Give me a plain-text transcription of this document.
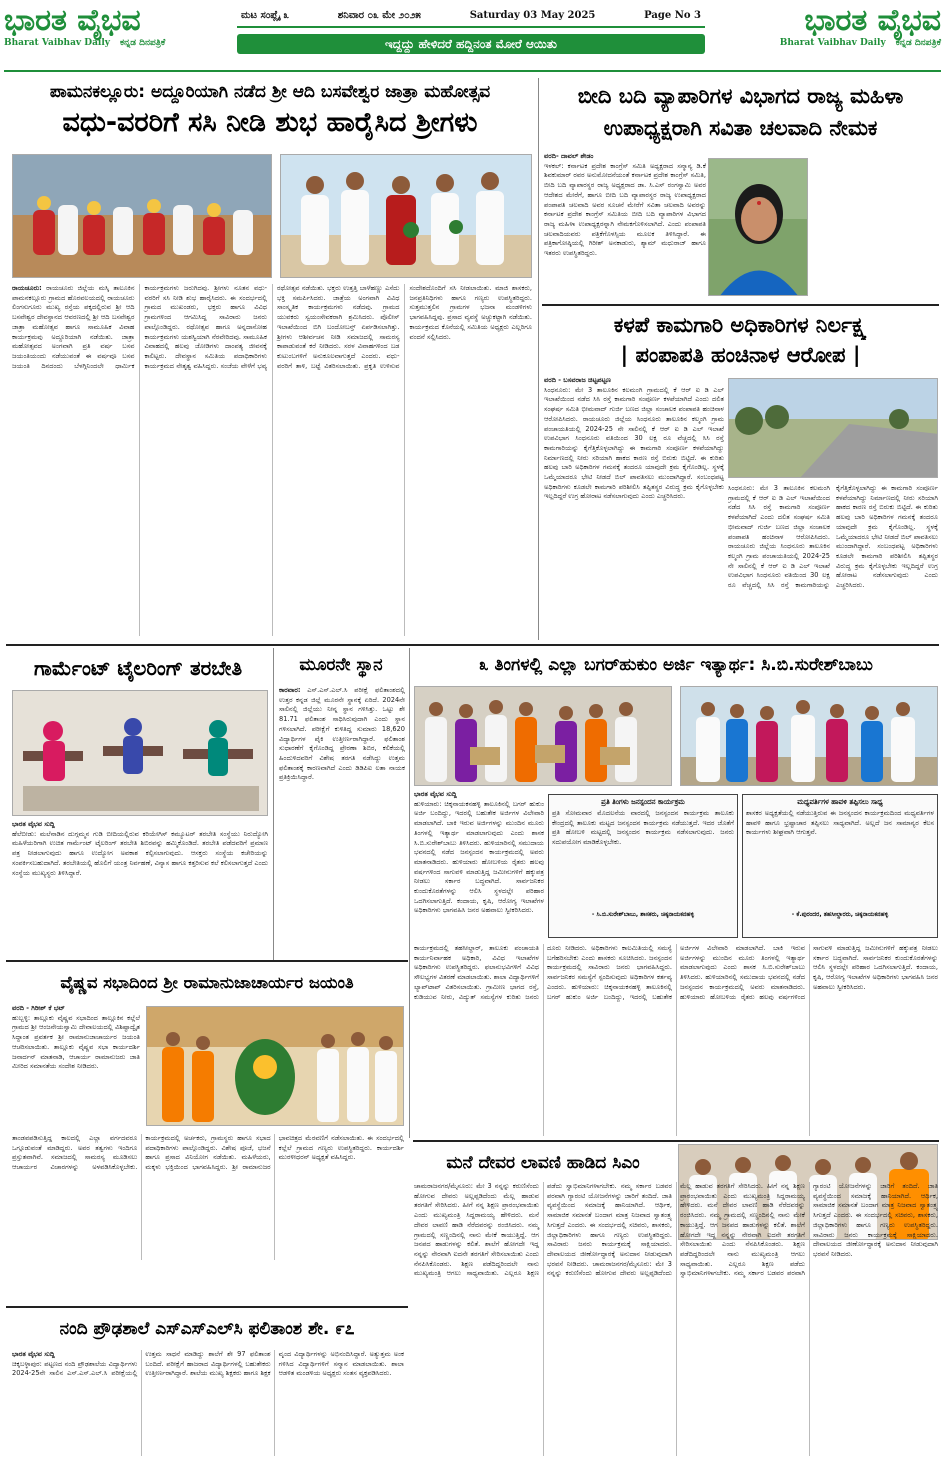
ಭಾರತ ವೈಭವ
Bharat Vaibhav Daily ಕನ್ನಡ ದಿನಪತ್ರಿಕೆ
ಮಟ ಸಂಪ್ಲೈ ೩	ಶನಿವಾರ ೦೩ ಮೇ ೨೦೨೫	Saturday 03 May 2025	Page No 3
ಇದ್ದದ್ದು ಹೇಳಿದರೆ ಹದ್ದಿನಂತ ಮೋರೆ ಆಯಿತು
ಭಾರತ ವೈಭವ
Bharat Vaibhav Daily ಕನ್ನಡ ದಿನಪತ್ರಿಕೆ
ಪಾಮನಕಲ್ಲೂರು: ಅದ್ದೂರಿಯಾಗಿ ನಡೆದ ಶ್ರೀ ಆದಿ ಬಸವೇಶ್ವರ ಜಾತ್ರಾ ಮಹೋತ್ಸವ
ವಧು-ವರರಿಗೆ ಸಸಿ ನೀಡಿ ಶುಭ ಹಾರೈಸಿದ ಶ್ರೀಗಳು
ರಾಯಚೂರು: ರಾಯಚೂರು ಜಿಲ್ಲೆಯ ಮಸ್ಕಿ ತಾಲೂಕಿನ ಪಾಮನಕಲ್ಲೂರು ಗ್ರಾಮದ ಹೊರವಲಯದಲ್ಲಿ ರಾಯಚೂರು ಲಿಂಗಸುಗೂರು ಮುಖ್ಯ ರಸ್ತೆಯ ಪಕ್ಕದಲ್ಲಿರುವ ಶ್ರೀ ಆದಿ ಬಸವೇಶ್ವರ ದೇವಸ್ಥಾನದ ಆವರಣದಲ್ಲಿ ಶ್ರೀ ಆದಿ ಬಸವೇಶ್ವರ ಜಾತ್ರಾ ಮಹೋತ್ಸವ ಹಾಗೂ ಸಾಮೂಹಿಕ ವಿವಾಹ ಕಾರ್ಯಕ್ರಮವು ಅದ್ದೂರಿಯಾಗಿ ನಡೆಯಿತು. ಜಾತ್ರಾ ಮಹೋತ್ಸವದ ಅಂಗವಾಗಿ ಪ್ರತಿ ವರ್ಷ ಬಸವ ಜಯಂತಿಯಂದು ನಡೆಯುವಂತೆ ಈ ವರ್ಷವೂ ಬಸವ ಜಯಂತಿ ದಿನದಂದು ಬೆಳಗ್ಗಿನಿಂದಲೇ ಧಾರ್ಮಿಕ ಕಾರ್ಯಕ್ರಮಗಳು ಜರುಗಿದವು. ಶ್ರೀಗಳು ನೂತನ ವಧು-ವರರಿಗೆ ಸಸಿ ನೀಡಿ ಶುಭ ಹಾರೈಸಿದರು. ಈ ಸಂದರ್ಭದಲ್ಲಿ ಗ್ರಾಮದ ಮುಖಂಡರು, ಭಕ್ತರು ಹಾಗೂ ವಿವಿಧ ಗ್ರಾಮಗಳಿಂದ ಆಗಮಿಸಿದ್ದ ಸಾವಿರಾರು ಜನರು ಪಾಲ್ಗೊಂಡಿದ್ದರು. ರಥೋತ್ಸವ ಹಾಗೂ ಅನ್ನದಾಸೋಹ ಕಾರ್ಯಕ್ರಮಗಳು ಯಶಸ್ವಿಯಾಗಿ ನೆರವೇರಿದವು. ಸಾಮೂಹಿಕ ವಿವಾಹದಲ್ಲಿ ಹಲವು ಜೋಡಿಗಳು ದಾಂಪತ್ಯ ಜೀವನಕ್ಕೆ ಕಾಲಿಟ್ಟರು. ದೇವಸ್ಥಾನ ಸಮಿತಿಯ ಪದಾಧಿಕಾರಿಗಳು ಕಾರ್ಯಕ್ರಮದ ನೇತೃತ್ವ ವಹಿಸಿದ್ದರು. ಸಂಜೆಯ ವೇಳೆಗೆ ಭವ್ಯ ರಥೋತ್ಸವ ನಡೆಯಿತು. ಭಕ್ತರು ಉತ್ತತ್ತಿ ಬಾಳೆಹಣ್ಣು ಎಸೆದು ಭಕ್ತಿ ಸಮರ್ಪಿಸಿದರು. ಜಾತ್ರೆಯ ಅಂಗವಾಗಿ ವಿವಿಧ ಸಾಂಸ್ಕೃತಿಕ ಕಾರ್ಯಕ್ರಮಗಳು ನಡೆದವು. ಗ್ರಾಮದ ಯುವಕರು ಸ್ವಯಂಸೇವಕರಾಗಿ ಶ್ರಮಿಸಿದರು. ಪೊಲೀಸ್ ಇಲಾಖೆಯಿಂದ ಬಿಗಿ ಬಂದೋಬಸ್ತ್ ಏರ್ಪಡಿಸಲಾಗಿತ್ತು. ಶ್ರೀಗಳು ಆಶೀರ್ವಚನ ನೀಡಿ ಸಮಾಜದಲ್ಲಿ ಸಾಮರಸ್ಯ ಕಾಪಾಡುವಂತೆ ಕರೆ ನೀಡಿದರು. ಸರಳ ವಿವಾಹಗಳಿಂದ ಬಡ ಕುಟುಂಬಗಳಿಗೆ ಅನುಕೂಲವಾಗುತ್ತದೆ ಎಂದರು. ವಧು-ವರರಿಗೆ ತಾಳಿ, ಬಟ್ಟೆ ವಿತರಿಸಲಾಯಿತು. ಪ್ರಕೃತಿ ಉಳಿಸುವ ಸಂದೇಶದೊಂದಿಗೆ ಸಸಿ ನೀಡಲಾಯಿತು. ಮಾಜಿ ಶಾಸಕರು, ಜನಪ್ರತಿನಿಧಿಗಳು ಹಾಗೂ ಗಣ್ಯರು ಉಪಸ್ಥಿತರಿದ್ದರು. ಸುತ್ತಮುತ್ತಲಿನ ಗ್ರಾಮಗಳ ಭಜನಾ ಮಂಡಳಿಗಳು ಭಾಗವಹಿಸಿದ್ದವು. ಪ್ರಸಾದ ವ್ಯವಸ್ಥೆ ಅಚ್ಚುಕಟ್ಟಾಗಿ ನಡೆಯಿತು. ಕಾರ್ಯಕ್ರಮದ ಕೊನೆಯಲ್ಲಿ ಸಮಿತಿಯ ಅಧ್ಯಕ್ಷರು ಎಲ್ಲರಿಗೂ ವಂದನೆ ಸಲ್ಲಿಸಿದರು.
ಬೀದಿ ಬದಿ ವ್ಯಾಪಾರಿಗಳ ವಿಭಾಗದ ರಾಜ್ಯ ಮಹಿಳಾ
ಉಪಾಧ್ಯಕ್ಷರಾಗಿ ಸವಿತಾ ಚಲವಾದಿ ನೇಮಕ
ವರದಿ- ದಾವಲ್ ಶೇಡಂ
ಇಳಕಲ್: ಕರ್ನಾಟಕ ಪ್ರದೇಶ ಕಾಂಗ್ರೆಸ್ ಸಮಿತಿ ಅಧ್ಯಕ್ಷರಾದ ಸನ್ಮಾನ್ಯ ಡಿ.ಕೆ ಶಿವಕುಮಾರ್ ರವರ ಅನುಮೋದನೆಯಂತೆ ಕರ್ನಾಟಕ ಪ್ರದೇಶ ಕಾಂಗ್ರೆಸ್ ಸಮಿತಿ, ಬೀದಿ ಬದಿ ವ್ಯಾಪಾರಸ್ಥರ ರಾಜ್ಯ ಅಧ್ಯಕ್ಷರಾದ ಡಾ. ಸಿ.ಎಸ್ ರಂಗಸ್ವಾಮಿ ಅವರ ಆದೇಶದ ಮೇರೆಗೆ, ಹಾಗೂ ಬೀದಿ ಬದಿ ವ್ಯಾಪಾರಸ್ಥರ ರಾಜ್ಯ ಉಪಾಧ್ಯಕ್ಷರಾದ ಪಂಪಾಪತಿ ಚಲವಾದಿ ಅವರ ಸೂಚನೆ ಮೇರೆಗೆ ಸವಿತಾ ಚಲವಾದಿ ಅವರನ್ನು ಕರ್ನಾಟಕ ಪ್ರದೇಶ ಕಾಂಗ್ರೆಸ್ ಸಮಿತಿಯ ಬೀದಿ ಬದಿ ವ್ಯಾಪಾರಿಗಳ ವಿಭಾಗದ ರಾಜ್ಯ ಮಹಿಳಾ ಉಪಾಧ್ಯಕ್ಷರನ್ನಾಗಿ ನೇಮಕಗೊಳಿಸಲಾಗಿದೆ. ಎಂದು ಪಂಪಾಪತಿ ಚಲವಾದಿಯವರು ಪತ್ರಿಕೆಗೊಳಸ್ಸಿಯ ಮೂಲಕ ತಿಳಿಸಿದ್ದಾರೆ. ಈ ಪತ್ರಿಕಾಗೋಷ್ಠಿಯಲ್ಲಿ ಗಿರೀಶ್ ಅನಕಾಡುರು, ಶ್ಯಾಮ್ ಮಧುರಾಜ್ ಹಾಗೂ ಇತರರು ಉಪಸ್ಥಿತರಿದ್ದರು.
ಕಳಪೆ ಕಾಮಗಾರಿ ಅಧಿಕಾರಿಗಳ ನಿರ್ಲಕ್ಷ್ಯ
| ಪಂಪಾಪತಿ ಹಂಚಿನಾಳ ಆರೋಪ |
ವರದಿ - ಬಸವರಾಜ ಚಿಟ್ಟಪಟ್ಟಣ
ಸಿಂಧನೂರು: ಮೇ 3 ತಾಲೂಕಿನ ಕಲಮಂಗಿ ಗ್ರಾಮದಲ್ಲಿ ಕೆ ಆರ್ ಐ ಡಿ ಎಲ್ ಇಲಾಖೆಯಿಂದ ನಡೆದ ಸಿಸಿ ರಸ್ತೆ ಕಾಮಗಾರಿ ಸಂಪೂರ್ಣ ಕಳಪೆಯಾಗಿದೆ ಎಂದು ದಲಿತ ಸಂಘರ್ಷ ಸಮಿತಿ ಭೀಮವಾದ್ ಗುರ್ಜಿ ಬಣದ ಜಿಲ್ಲಾ ಸಂಚಾಲಕ ಪಂಪಾಪತಿ ಹಂಚಿನಾಳ ಆರೋಪಿಸಿದರು. ರಾಯಚೂರು ಜಿಲ್ಲೆಯ ಸಿಂಧನೂರು ತಾಲೂಕಿನ ಕಲ್ಮಂಗಿ ಗ್ರಾಮ ಪಂಚಾಯತಿಯಲ್ಲಿ 2024-25 ನೇ ಸಾಲಿನಲ್ಲಿ ಕೆ ಆರ್ ಐ ಡಿ ಎಲ್ ಇಲಾಖೆ ಉಪವಿಭಾಗ ಸಿಂಧನೂರು ವತಿಯಿಂದ 30 ಲಕ್ಷ ರೂ ವೆಚ್ಚದಲ್ಲಿ ಸಿಸಿ ರಸ್ತೆ ಕಾಮಗಾರಿಯನ್ನು ಕೈಗೆತ್ತಿಕೊಳ್ಳಲಾಗಿದ್ದು ಈ ಕಾಮಗಾರಿ ಸಂಪೂರ್ಣ ಕಳಪೆಯಾಗಿದ್ದು ನಿರ್ಮಾಣದಲ್ಲಿ ನೀರು ಸರಿಯಾಗಿ ಹಾಕದ ಕಾರಣ ರಸ್ತೆ ಬಿರುಕು ಬಿಟ್ಟಿದೆ. ಈ ಕುರಿತು ಹಲವು ಬಾರಿ ಅಧಿಕಾರಿಗಳ ಗಮನಕ್ಕೆ ತಂದರೂ ಯಾವುದೇ ಕ್ರಮ ಕೈಗೊಂಡಿಲ್ಲ. ಸ್ಥಳಕ್ಕೆ ಒಮ್ಮೆಯಾದರೂ ಭೇಟಿ ನೀಡದೆ ಬಿಲ್ ಪಾವತಿಸಲು ಮುಂದಾಗಿದ್ದಾರೆ. ಸಂಬಂಧಪಟ್ಟ ಅಧಿಕಾರಿಗಳು ಕೂಡಲೇ ಕಾಮಗಾರಿ ಪರಿಶೀಲಿಸಿ ತಪ್ಪಿತಸ್ಥರ ವಿರುದ್ಧ ಕ್ರಮ ಕೈಗೊಳ್ಳಬೇಕು ಇಲ್ಲದಿದ್ದರೆ ಉಗ್ರ ಹೋರಾಟ ನಡೆಸಲಾಗುವುದು ಎಂದು ಎಚ್ಚರಿಸಿದರು.
ಸಿಂಧನೂರು: ಮೇ 3 ತಾಲೂಕಿನ ಕಲಮಂಗಿ ಗ್ರಾಮದಲ್ಲಿ ಕೆ ಆರ್ ಐ ಡಿ ಎಲ್ ಇಲಾಖೆಯಿಂದ ನಡೆದ ಸಿಸಿ ರಸ್ತೆ ಕಾಮಗಾರಿ ಸಂಪೂರ್ಣ ಕಳಪೆಯಾಗಿದೆ ಎಂದು ದಲಿತ ಸಂಘರ್ಷ ಸಮಿತಿ ಭೀಮವಾದ್ ಗುರ್ಜಿ ಬಣದ ಜಿಲ್ಲಾ ಸಂಚಾಲಕ ಪಂಪಾಪತಿ ಹಂಚಿನಾಳ ಆರೋಪಿಸಿದರು. ರಾಯಚೂರು ಜಿಲ್ಲೆಯ ಸಿಂಧನೂರು ತಾಲೂಕಿನ ಕಲ್ಮಂಗಿ ಗ್ರಾಮ ಪಂಚಾಯತಿಯಲ್ಲಿ 2024-25 ನೇ ಸಾಲಿನಲ್ಲಿ ಕೆ ಆರ್ ಐ ಡಿ ಎಲ್ ಇಲಾಖೆ ಉಪವಿಭಾಗ ಸಿಂಧನೂರು ವತಿಯಿಂದ 30 ಲಕ್ಷ ರೂ ವೆಚ್ಚದಲ್ಲಿ ಸಿಸಿ ರಸ್ತೆ ಕಾಮಗಾರಿಯನ್ನು ಕೈಗೆತ್ತಿಕೊಳ್ಳಲಾಗಿದ್ದು ಈ ಕಾಮಗಾರಿ ಸಂಪೂರ್ಣ ಕಳಪೆಯಾಗಿದ್ದು ನಿರ್ಮಾಣದಲ್ಲಿ ನೀರು ಸರಿಯಾಗಿ ಹಾಕದ ಕಾರಣ ರಸ್ತೆ ಬಿರುಕು ಬಿಟ್ಟಿದೆ. ಈ ಕುರಿತು ಹಲವು ಬಾರಿ ಅಧಿಕಾರಿಗಳ ಗಮನಕ್ಕೆ ತಂದರೂ ಯಾವುದೇ ಕ್ರಮ ಕೈಗೊಂಡಿಲ್ಲ. ಸ್ಥಳಕ್ಕೆ ಒಮ್ಮೆಯಾದರೂ ಭೇಟಿ ನೀಡದೆ ಬಿಲ್ ಪಾವತಿಸಲು ಮುಂದಾಗಿದ್ದಾರೆ. ಸಂಬಂಧಪಟ್ಟ ಅಧಿಕಾರಿಗಳು ಕೂಡಲೇ ಕಾಮಗಾರಿ ಪರಿಶೀಲಿಸಿ ತಪ್ಪಿತಸ್ಥರ ವಿರುದ್ಧ ಕ್ರಮ ಕೈಗೊಳ್ಳಬೇಕು ಇಲ್ಲದಿದ್ದರೆ ಉಗ್ರ ಹೋರಾಟ ನಡೆಸಲಾಗುವುದು ಎಂದು ಎಚ್ಚರಿಸಿದರು.
ಗಾರ್ಮೆಂಟ್ ಟೈಲರಿಂಗ್ ತರಬೇತಿ
ಭಾರತ ವೈಭವ ಸುದ್ದಿ
ಹೆಲೆಬೀಡು: ಮಲೆನಾಡಿನ ದುಗ್ಗಮ್ಮನ ಗುಡಿ ಬೀದಿಯಲ್ಲಿರುವ ಕರಿಯೇಗಿಸ್ ಕಮ್ಯೂಟರ್ ತರಬೇತಿ ಸಂಸ್ಥೆಯು ನಿರುದ್ಯೋಗಿ ಮಹಿಳೆಯರಿಗಾಗಿ ಉಚಿತ ಗಾರ್ಮೆಂಟ್ ಟೈಲರಿಂಗ್ ತರಬೇತಿ ಶಿಬಿರವನ್ನು ಹಮ್ಮಿಕೊಂಡಿದೆ. ತರಬೇತಿ ಪಡೆದವರಿಗೆ ಪ್ರಮಾಣ ಪತ್ರ ನೀಡಲಾಗುವುದು ಹಾಗೂ ಉದ್ಯೋಗ ಅವಕಾಶ ಕಲ್ಪಿಸಲಾಗುವುದು. ಆಸಕ್ತರು ಸಂಸ್ಥೆಯ ಕಚೇರಿಯನ್ನು ಸಂಪರ್ಕಿಸಬಹುದಾಗಿದೆ. ತರಬೇತಿಯಲ್ಲಿ ಹೊಲಿಗೆ ಯಂತ್ರ ನಿರ್ವಹಣೆ, ವಿನ್ಯಾಸ ಹಾಗೂ ಕತ್ತರಿಸುವ ಕಲೆ ಕಲಿಸಲಾಗುತ್ತದೆ ಎಂದು ಸಂಸ್ಥೆಯ ಮುಖ್ಯಸ್ಥರು ತಿಳಿಸಿದ್ದಾರೆ.
ಮೂರನೇ ಸ್ಥಾನ
ಕಾರವಾರ: ಎಸ್.ಎಸ್.ಎಲ್.ಸಿ ಪರೀಕ್ಷೆ ಫಲಿತಾಂಶದಲ್ಲಿ ಉತ್ತರ ಕನ್ನಡ ಜಿಲ್ಲೆ ಮೂರನೇ ಸ್ಥಾನಕ್ಕೆ ಏರಿದೆ. 2024ನೇ ಸಾಲಿನಲ್ಲಿ ಜಿಲ್ಲೆಯು ನೀನ್ನ ಸ್ಥಾನ ಗಳಿಸಿತ್ತು. ಒಟ್ಟು ಶೇ 81.71 ಫಲಿತಾಂಶ ಸಾಧಿಸಿರುವುದಾಗಿ ಎಂದು ಸ್ಥಾನ ಗಳಿಸಲಾಗಿದೆ. ಪರೀಕ್ಷೆಗೆ ಕುಳಿತಿದ್ದ ಸುಮಾರು 18,620 ವಿದ್ಯಾರ್ಥಿಗಳ ಪೈಕಿ ಉತ್ತೀರ್ಣರಾಗಿದ್ದಾರೆ. ಫಲಿತಾಂಶ ಸುಧಾರಣೆಗೆ ಕೈಗೊಂಡಿದ್ದ ಪ್ರೇರಣಾ ಶಿಬಿರ, ಕಲಿಕೆಯಲ್ಲಿ ಹಿಂದುಳಿದವರಿಗೆ ವಿಶೇಷ ತರಗತಿ ನಡೆಸಿದ್ದು ಉತ್ತಮ ಫಲಿತಾಂಶಕ್ಕೆ ಕಾರಣವಾಗಿದೆ ಎಂದು ಡಿಡಿಪಿಐ ಲತಾ ನಾಯಕ ಪ್ರತಿಕ್ರಿಯಿಸಿದ್ದಾರೆ.
೩ ತಿಂಗಳಲ್ಲಿ ಎಲ್ಲಾ ಬಗರ್‌ಹುಕುಂ ಅರ್ಜಿ ಇತ್ಯಾರ್ಥ: ಸಿ.ಬಿ.ಸುರೇಶ್‌ಬಾಬು
ಭಾರತ ವೈಭವ ಸುದ್ದಿ
ಹುಳಿಯಾರು: ಚಿಕ್ಕನಾಯಕನಹಳ್ಳಿ ತಾಲೂಕಿನಲ್ಲಿ ಬಗರ್ ಹುಕುಂ ಅರ್ಜಿ ಬಂದಿದ್ದು, ಇದರಲ್ಲಿ ಬಹುತೇಕ ಅರ್ಜಿಗಳ ವಿಲೇವಾರಿ ಮಾಡಲಾಗಿದೆ. ಬಾಕಿ ಇರುವ ಅರ್ಜಿಗಳನ್ನು ಮುಂದಿನ ಮೂರು ತಿಂಗಳಲ್ಲಿ ಇತ್ಯಾರ್ಥ ಮಾಡಲಾಗುವುದು ಎಂದು ಶಾಸಕ ಸಿ.ಬಿ.ಸುರೇಶ್‌ಬಾಬು ತಿಳಿಸಿದರು. ಹುಳಿಯಾರಿನಲ್ಲಿ ಸಮುದಾಯ ಭವನದಲ್ಲಿ ನಡೆದ ಜನಸ್ಪಂದನ ಕಾರ್ಯಕ್ರಮದಲ್ಲಿ ಅವರು ಮಾತನಾಡಿದರು. ಹುಳಿಯಾರು ಹೋಬಳಿಯ ರೈತರು ಹಲವು ವರ್ಷಗಳಿಂದ ಸಾಗುವಳಿ ಮಾಡುತ್ತಿದ್ದ ಜಮೀನುಗಳಿಗೆ ಹಕ್ಕುಪತ್ರ ನೀಡಲು ಸರ್ಕಾರ ಬದ್ಧವಾಗಿದೆ. ಸಾರ್ವಜನಿಕರ ಕುಂದುಕೊರತೆಗಳನ್ನು ಆಲಿಸಿ ಸ್ಥಳದಲ್ಲೇ ಪರಿಹಾರ ಒದಗಿಸಲಾಗುತ್ತಿದೆ. ಕಂದಾಯ, ಕೃಷಿ, ಆರೋಗ್ಯ ಇಲಾಖೆಗಳ ಅಧಿಕಾರಿಗಳು ಭಾಗವಹಿಸಿ ಜನರ ಅಹವಾಲು ಸ್ವೀಕರಿಸಿದರು.
ಪ್ರತಿ ತಿಂಗಳು ಜನಸ್ಪಂದನ ಕಾರ್ಯಕ್ರಮ
ಪ್ರತಿ ಸೋಮವಾರ ಮೊದಲನೆಯ ವಾರದಲ್ಲಿ ಜನಸ್ಪಂದನ ಕಾರ್ಯಕ್ರಮ ತಾಲೂಕು ಕೇಂದ್ರದಲ್ಲಿ ತಾಲೂಕು ಮಟ್ಟದ ಜನಸ್ಪಂದನ ಕಾರ್ಯಕ್ರಮ ನಡೆಯುತ್ತದೆ. ಇದರ ಜೊತೆಗೆ ಪ್ರತಿ ಹೋಬಳಿ ಮಟ್ಟದಲ್ಲಿ ಜನಸ್ಪಂದನ ಕಾರ್ಯಕ್ರಮ ನಡೆಸಲಾಗುವುದು. ಜನರು ಸದುಪಯೋಗ ಮಾಡಿಕೊಳ್ಳಬೇಕು.
- ಸಿ.ಬಿ.ಸುರೇಶ್‌ಬಾಬು, ಶಾಸಕರು, ಚಿಕ್ಕನಾಯಕನಹಳ್ಳಿ
ಮಧ್ಯವರ್ತಿಗಳ ಹಾವಳಿ ತಪ್ಪಿಸಲು ಸಾಧ್ಯ
ಶಾಸಕರ ಅಧ್ಯಕ್ಷತೆಯಲ್ಲಿ ನಡೆಯುತ್ತಿರುವ ಈ ಜನಸ್ಪಂದನ ಕಾರ್ಯಕ್ರಮದಿಂದ ಮಧ್ಯವರ್ತಿಗಳ ಹಾವಳಿ ಹಾಗೂ ಭ್ರಷ್ಟಾಚಾರ ತಪ್ಪಿಸಲು ಸಾಧ್ಯವಾಗಿದೆ. ಅಲ್ಲದೆ ಜನ ಸಾಮಾನ್ಯರ ಕೆಲಸ ಕಾರ್ಯಗಳು ಶೀಘ್ರವಾಗಿ ಆಗುತ್ತವೆ.
- ಕೆ.ಪುರಂದರ, ತಹಸೀಲ್ದಾರರು, ಚಿಕ್ಕನಾಯಕನಹಳ್ಳಿ
ಕಾರ್ಯಕ್ರಮದಲ್ಲಿ ತಹಸೀಲ್ದಾರ್, ತಾಲೂಕು ಪಂಚಾಯತಿ ಕಾರ್ಯನಿರ್ವಾಹಕ ಅಧಿಕಾರಿ, ವಿವಿಧ ಇಲಾಖೆಗಳ ಅಧಿಕಾರಿಗಳು ಉಪಸ್ಥಿತರಿದ್ದರು. ಫಲಾನುಭವಿಗಳಿಗೆ ವಿವಿಧ ಸೌಲಭ್ಯಗಳ ವಿತರಣೆ ಮಾಡಲಾಯಿತು. ಶಾಲಾ ವಿದ್ಯಾರ್ಥಿಗಳಿಗೆ ಲ್ಯಾಪ್‌ಟಾಪ್ ವಿತರಿಸಲಾಯಿತು. ಗ್ರಾಮೀಣ ಭಾಗದ ರಸ್ತೆ, ಕುಡಿಯುವ ನೀರು, ವಿದ್ಯುತ್ ಸಮಸ್ಯೆಗಳ ಕುರಿತು ಜನರು ದೂರು ನೀಡಿದರು. ಅಧಿಕಾರಿಗಳು ಕಾಲಮಿತಿಯಲ್ಲಿ ಸಮಸ್ಯೆ ಬಗೆಹರಿಸಬೇಕು ಎಂದು ಶಾಸಕರು ಸೂಚಿಸಿದರು. ಜನಸ್ಪಂದನ ಕಾರ್ಯಕ್ರಮದಲ್ಲಿ ಸಾವಿರಾರು ಜನರು ಭಾಗವಹಿಸಿದ್ದರು. ಸಾರ್ವಜನಿಕರ ಸಮಸ್ಯೆಗೆ ಸ್ಪಂದಿಸುವುದು ಅಧಿಕಾರಿಗಳ ಕರ್ತವ್ಯ ಎಂದರು. ಹುಳಿಯಾರು: ಚಿಕ್ಕನಾಯಕನಹಳ್ಳಿ ತಾಲೂಕಿನಲ್ಲಿ ಬಗರ್ ಹುಕುಂ ಅರ್ಜಿ ಬಂದಿದ್ದು, ಇದರಲ್ಲಿ ಬಹುತೇಕ ಅರ್ಜಿಗಳ ವಿಲೇವಾರಿ ಮಾಡಲಾಗಿದೆ. ಬಾಕಿ ಇರುವ ಅರ್ಜಿಗಳನ್ನು ಮುಂದಿನ ಮೂರು ತಿಂಗಳಲ್ಲಿ ಇತ್ಯಾರ್ಥ ಮಾಡಲಾಗುವುದು ಎಂದು ಶಾಸಕ ಸಿ.ಬಿ.ಸುರೇಶ್‌ಬಾಬು ತಿಳಿಸಿದರು. ಹುಳಿಯಾರಿನಲ್ಲಿ ಸಮುದಾಯ ಭವನದಲ್ಲಿ ನಡೆದ ಜನಸ್ಪಂದನ ಕಾರ್ಯಕ್ರಮದಲ್ಲಿ ಅವರು ಮಾತನಾಡಿದರು. ಹುಳಿಯಾರು ಹೋಬಳಿಯ ರೈತರು ಹಲವು ವರ್ಷಗಳಿಂದ ಸಾಗುವಳಿ ಮಾಡುತ್ತಿದ್ದ ಜಮೀನುಗಳಿಗೆ ಹಕ್ಕುಪತ್ರ ನೀಡಲು ಸರ್ಕಾರ ಬದ್ಧವಾಗಿದೆ. ಸಾರ್ವಜನಿಕರ ಕುಂದುಕೊರತೆಗಳನ್ನು ಆಲಿಸಿ ಸ್ಥಳದಲ್ಲೇ ಪರಿಹಾರ ಒದಗಿಸಲಾಗುತ್ತಿದೆ. ಕಂದಾಯ, ಕೃಷಿ, ಆರೋಗ್ಯ ಇಲಾಖೆಗಳ ಅಧಿಕಾರಿಗಳು ಭಾಗವಹಿಸಿ ಜನರ ಅಹವಾಲು ಸ್ವೀಕರಿಸಿದರು.
ವೈಷ್ಣವ ಸಭಾದಿಂದ ಶ್ರೀ ರಾಮಾನುಜಾಚಾರ್ಯರ ಜಯಂತಿ
ವರದಿ - ಗಿರೀಶ್ ಕೆ ಭಟ್
ಹುಬ್ಬಳ್ಳಿ: ತಾಲ್ಲೂಕು ವೈಷ್ಣವ ಸಭಾದಿಂದ ತಾಲ್ಲೂಕಿನ ಕಲ್ಲೆಲೆ ಗ್ರಾಮದ ಶ್ರೀ ಆಂಜನೇಯಸ್ವಾಮಿ ದೇವಾಲಯದಲ್ಲಿ ವಿಶಿಷ್ಟಾದ್ವೈತ ಸಿದ್ಧಾಂತ ಪ್ರವರ್ತಕ ಶ್ರೀ ರಾಮಾನುಜಾಚಾರ್ಯರ ಜಯಂತಿ ಆಚರಿಸಲಾಯಿತು. ತಾಲ್ಲೂಕು ವೈಷ್ಣವ ಸಭಾ ಕಾರ್ಯದರ್ಶಿ ಜನಾರ್ದನ್ ಮಾತನಾಡಿ, ಆಚಾರ್ಯ ರಾಮಾನುಜರು ಜಾತಿ ಮೀರಿದ ಸಮಾನತೆಯ ಸಂದೇಶ ನೀಡಿದರು.
ತಾಂಡವಪಡಿಸುತ್ತಿದ್ದ ಕಾಲದಲ್ಲಿ ಎಲ್ಲಾ ವರ್ಗದವರೂ ಒಗ್ಗೂಡುವಂತೆ ಮಾಡಿದ್ದರು. ಅವರ ತತ್ವಗಳು ಇಂದಿಗೂ ಪ್ರಸ್ತುತವಾಗಿವೆ. ಸಮಾಜದಲ್ಲಿ ಸಾಮರಸ್ಯ ಮೂಡಿಸಲು ಆಚಾರ್ಯರ ವಿಚಾರಗಳನ್ನು ಅಳವಡಿಸಿಕೊಳ್ಳಬೇಕು. ಕಾರ್ಯಕ್ರಮದಲ್ಲಿ ಅರ್ಚಕರು, ಗ್ರಾಮಸ್ಥರು ಹಾಗೂ ಸಭಾದ ಪದಾಧಿಕಾರಿಗಳು ಪಾಲ್ಗೊಂಡಿದ್ದರು. ವಿಶೇಷ ಪೂಜೆ, ಭಜನೆ ಹಾಗೂ ಪ್ರಸಾದ ವಿನಿಯೋಗ ನಡೆಯಿತು. ಮಹಿಳೆಯರು, ಮಕ್ಕಳು ಭಕ್ತಿಯಿಂದ ಭಾಗವಹಿಸಿದ್ದರು. ಶ್ರೀ ರಾಮಾನುಜರ ಭಾವಚಿತ್ರದ ಮೆರವಣಿಗೆ ನಡೆಸಲಾಯಿತು. ಈ ಸಂದರ್ಭದಲ್ಲಿ ಕಲ್ಲೆಲೆ ಗ್ರಾಮದ ಗಣ್ಯರು ಉಪಸ್ಥಿತರಿದ್ದರು. ಕಾರ್ಯದರ್ಶಿ ಮುರಳೀಧರನ್ ಅಧ್ಯಕ್ಷತೆ ವಹಿಸಿದ್ದರು.	ಮನೆ ದೇವರ ಲಾವಣಿ ಹಾಡಿದ ಸಿಎಂ
ಚಾಮರಾಜನಗರ/ಮೈಸೂರು: ಮೇ 3 ನನ್ನನ್ನು ಕರುಣಿಸೆಂದು ಹೋಗುವ ದೇವರು ಅಲ್ಲಪ್ಪಡಿದೆಂದು ಮೆಲ್ಲ ಹಾಡುವ ತರಗತಿಗೆ ಸೇರಿಸಿದರು. ಹೀಗೆ ನನ್ನ ಶಿಕ್ಷಣ ಪ್ರಾರಂಭವಾಯಿತು ಎಂದು ಮುಖ್ಯಮಂತ್ರಿ ಸಿದ್ದರಾಮಯ್ಯ ಹೇಳಿದರು. ಮನೆ ದೇವರ ಲಾವಣಿ ಹಾಡಿ ನೆರೆದವರನ್ನು ರಂಜಿಸಿದರು. ನಮ್ಮ ಗ್ರಾಮದಲ್ಲಿ ಸಣ್ಣಂದಿನಲ್ಲಿ ನಾನು ಮೇಕೆ ಕಾಯುತ್ತಿದ್ದೆ. ಆಗ ಜನಪದ ಹಾಡುಗಳನ್ನು ಕಲಿತೆ. ಶಾಲೆಗೆ ಹೋಗದೇ ಇದ್ದ ನನ್ನನ್ನು ನೇರವಾಗಿ ಐದನೇ ತರಗತಿಗೆ ಸೇರಿಸಲಾಯಿತು ಎಂದು ನೆನಪಿಸಿಕೊಂಡರು. ಶಿಕ್ಷಣ ಪಡೆದಿದ್ದರಿಂದಲೇ ನಾನು ಮುಖ್ಯಮಂತ್ರಿ ಆಗಲು ಸಾಧ್ಯವಾಯಿತು. ಎಲ್ಲರೂ ಶಿಕ್ಷಣ ಪಡೆದು ಸ್ವಾಭಿಮಾನಿಗಳಾಗಬೇಕು. ನಮ್ಮ ಸರ್ಕಾರ ಬಡವರ ಪರವಾಗಿ ಗ್ಯಾರಂಟಿ ಯೋಜನೆಗಳನ್ನು ಜಾರಿಗೆ ತಂದಿದೆ. ಜಾತಿ ವ್ಯವಸ್ಥೆಯಿಂದ ಸಮಾಜಕ್ಕೆ ಹಾನಿಯಾಗಿದೆ. ಆರ್ಥಿಕ, ಸಾಮಾಜಿಕ ಸಮಾನತೆ ಬಂದಾಗ ಮಾತ್ರ ನಿಜವಾದ ಸ್ವಾತಂತ್ರ್ಯ ಸಿಗುತ್ತದೆ ಎಂದರು. ಈ ಸಂದರ್ಭದಲ್ಲಿ ಸಚಿವರು, ಶಾಸಕರು, ಜಿಲ್ಲಾಧಿಕಾರಿಗಳು ಹಾಗೂ ಗಣ್ಯರು ಉಪಸ್ಥಿತರಿದ್ದರು. ಸಾವಿರಾರು ಜನರು ಕಾರ್ಯಕ್ರಮಕ್ಕೆ ಸಾಕ್ಷಿಯಾದರು. ದೇವಾಲಯದ ಜೀರ್ಣೋದ್ಧಾರಕ್ಕೆ ಅನುದಾನ ನೀಡುವುದಾಗಿ ಭರವಸೆ ನೀಡಿದರು. ಚಾಮರಾಜನಗರ/ಮೈಸೂರು: ಮೇ 3 ನನ್ನನ್ನು ಕರುಣಿಸೆಂದು ಹೋಗುವ ದೇವರು ಅಲ್ಲಪ್ಪಡಿದೆಂದು ಮೆಲ್ಲ ಹಾಡುವ ತರಗತಿಗೆ ಸೇರಿಸಿದರು. ಹೀಗೆ ನನ್ನ ಶಿಕ್ಷಣ ಪ್ರಾರಂಭವಾಯಿತು ಎಂದು ಮುಖ್ಯಮಂತ್ರಿ ಸಿದ್ದರಾಮಯ್ಯ ಹೇಳಿದರು. ಮನೆ ದೇವರ ಲಾವಣಿ ಹಾಡಿ ನೆರೆದವರನ್ನು ರಂಜಿಸಿದರು. ನಮ್ಮ ಗ್ರಾಮದಲ್ಲಿ ಸಣ್ಣಂದಿನಲ್ಲಿ ನಾನು ಮೇಕೆ ಕಾಯುತ್ತಿದ್ದೆ. ಆಗ ಜನಪದ ಹಾಡುಗಳನ್ನು ಕಲಿತೆ. ಶಾಲೆಗೆ ಹೋಗದೇ ಇದ್ದ ನನ್ನನ್ನು ನೇರವಾಗಿ ಐದನೇ ತರಗತಿಗೆ ಸೇರಿಸಲಾಯಿತು ಎಂದು ನೆನಪಿಸಿಕೊಂಡರು. ಶಿಕ್ಷಣ ಪಡೆದಿದ್ದರಿಂದಲೇ ನಾನು ಮುಖ್ಯಮಂತ್ರಿ ಆಗಲು ಸಾಧ್ಯವಾಯಿತು. ಎಲ್ಲರೂ ಶಿಕ್ಷಣ ಪಡೆದು ಸ್ವಾಭಿಮಾನಿಗಳಾಗಬೇಕು. ನಮ್ಮ ಸರ್ಕಾರ ಬಡವರ ಪರವಾಗಿ ಗ್ಯಾರಂಟಿ ಯೋಜನೆಗಳನ್ನು ಜಾರಿಗೆ ತಂದಿದೆ. ಜಾತಿ ವ್ಯವಸ್ಥೆಯಿಂದ ಸಮಾಜಕ್ಕೆ ಹಾನಿಯಾಗಿದೆ. ಆರ್ಥಿಕ, ಸಾಮಾಜಿಕ ಸಮಾನತೆ ಬಂದಾಗ ಮಾತ್ರ ನಿಜವಾದ ಸ್ವಾತಂತ್ರ್ಯ ಸಿಗುತ್ತದೆ ಎಂದರು. ಈ ಸಂದರ್ಭದಲ್ಲಿ ಸಚಿವರು, ಶಾಸಕರು, ಜಿಲ್ಲಾಧಿಕಾರಿಗಳು ಹಾಗೂ ಗಣ್ಯರು ಉಪಸ್ಥಿತರಿದ್ದರು. ಸಾವಿರಾರು ಜನರು ಕಾರ್ಯಕ್ರಮಕ್ಕೆ ಸಾಕ್ಷಿಯಾದರು. ದೇವಾಲಯದ ಜೀರ್ಣೋದ್ಧಾರಕ್ಕೆ ಅನುದಾನ ನೀಡುವುದಾಗಿ ಭರವಸೆ ನೀಡಿದರು.
ನಂದಿ ಪ್ರೌಢಶಾಲೆ ಎಸ್‌ಎಸ್‌ಎಲ್‌ಸಿ ಫಲಿತಾಂಶ ಶೇ. ೯೭
ಭಾರತ ವೈಭವ ಸುದ್ದಿ
ಚಿಕ್ಕಬಳ್ಳಾಪುರ: ಪಟ್ಟಣದ ನಂದಿ ಪ್ರೌಢಶಾಲೆಯ ವಿದ್ಯಾರ್ಥಿಗಳು 2024-25ನೇ ಸಾಲಿನ ಎಸ್.ಎಸ್.ಎಲ್.ಸಿ ಪರೀಕ್ಷೆಯಲ್ಲಿ ಉತ್ತಮ ಸಾಧನೆ ಮಾಡಿದ್ದು ಶಾಲೆಗೆ ಶೇ 97 ಫಲಿತಾಂಶ ಬಂದಿದೆ. ಪರೀಕ್ಷೆಗೆ ಹಾಜರಾದ ವಿದ್ಯಾರ್ಥಿಗಳಲ್ಲಿ ಬಹುತೇಕರು ಉತ್ತೀರ್ಣರಾಗಿದ್ದಾರೆ. ಶಾಲೆಯ ಮುಖ್ಯ ಶಿಕ್ಷಕರು ಹಾಗೂ ಶಿಕ್ಷಕ ವೃಂದ ವಿದ್ಯಾರ್ಥಿಗಳನ್ನು ಅಭಿನಂದಿಸಿದ್ದಾರೆ. ಅತ್ಯುತ್ತಮ ಅಂಕ ಗಳಿಸಿದ ವಿದ್ಯಾರ್ಥಿಗಳಿಗೆ ಸನ್ಮಾನ ಮಾಡಲಾಯಿತು. ಶಾಲಾ ಆಡಳಿತ ಮಂಡಳಿಯ ಅಧ್ಯಕ್ಷರು ಸಂತಸ ವ್ಯಕ್ತಪಡಿಸಿದರು.
